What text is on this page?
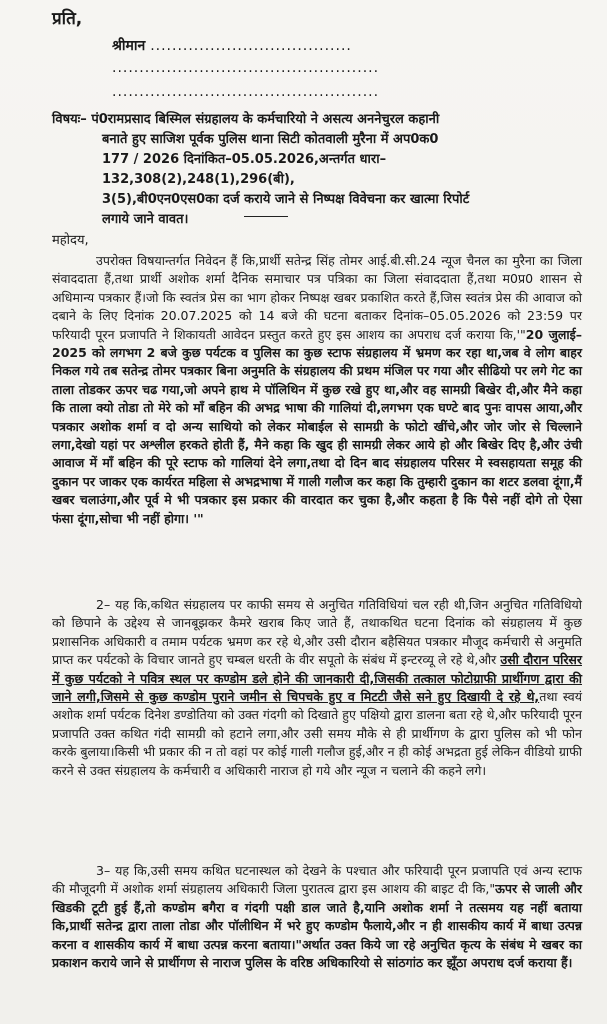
प्रति,
श्रीमान .....................................
.................................................
.................................................
विषयः– पं0रामप्रसाद बिस्मिल संग्रहालय के कर्मचारियो ने असत्य अननेचुरल कहानी
बनाते हुए साजिश पूर्वक पुलिस थाना सिटी कोतवाली मुरैना में अप0क0
177 / 2026 दिनांकित–05.05.2026,अन्तर्गत धारा–132,308(2),248(1),296(बी),
3(5),बी0एन0एस0का दर्ज कराये जाने से निष्पक्ष विवेचना कर खात्मा रिपोर्ट
लगाये जाने वावत।
महोदय,
उपरोक्त विषयान्तर्गत निवेदन हैं कि,प्रार्थी सतेन्द्र सिंह तोमर आई.बी.सी.24 न्यूज चैनल का मुरैना का जिला संवाददाता हैं,तथा प्रार्थी अशोक शर्मा दैनिक समाचार पत्र पत्रिका का जिला संवाददाता हैं,तथा म0प्र0 शासन से अधिमान्य पत्रकार हैं।जो कि स्वतंत्र प्रेस का भाग होकर निष्पक्ष खबर प्रकाशित करते हैं,जिस स्वतंत्र प्रेस की आवाज को दबाने के लिए दिनांक 20.07.2025 को 14 बजे की घटना बताकर दिनांक–05.05.2026 को 23:59 पर फरियादी पूरन प्रजापति ने शिकायती आवेदन प्रस्तुत करते हुए इस आशय का अपराध दर्ज कराया कि,'"20 जुलाई–2025 को लगभग 2 बजे कुछ पर्यटक व पुलिस का कुछ स्टाफ संग्रहालय में भ्रमण कर रहा था,जब वे लोग बाहर निकल गये तब सतेन्द्र तोमर पत्रकार बिना अनुमति के संग्रहालय की प्रथम मंजिल पर गया और सीढियो पर लगे गेट का ताला तोडकर ऊपर चढ गया,जो अपने हाथ मे पॉलिथिन में कुछ रखे हुए था,और वह सामग्री बिखेर दी,और मैने कहा कि ताला क्यो तोडा तो मेरे को माँ बहिन की अभद्र भाषा की गालियां दी,लगभग एक घण्टे बाद पुनः वापस आया,और पत्रकार अशोक शर्मा व दो अन्य साथियो को लेकर मोबाईल से सामग्री के फोटो खींचे,और जोर जोर से चिल्लाने लगा,देखो यहां पर अश्लील हरकते होती हैं, मैने कहा कि खुद ही सामग्री लेकर आये हो और बिखेर दिए है,और उंची आवाज में माँ बहिन की पूरे स्टाफ को गालियां देने लगा,तथा दो दिन बाद संग्रहालय परिसर मे स्वसहायता समूह की दुकान पर जाकर एक कार्यरत महिला से अभद्रभाषा में गाली गलौज कर कहा कि तुम्हारी दुकान का शटर डलवा दूंगा,मैं खबर चलाउंगा,और पूर्व मे भी पत्रकार इस प्रकार की वारदात कर चुका है,और कहता है कि पैसे नहीं दोगे तो ऐसा फंसा दूंगा,सोचा भी नहीं होगा। '"
2– यह कि,कथित संग्रहालय पर काफी समय से अनुचित गतिविधियां चल रही थी,जिन अनुचित गतिविधियो को छिपाने के उद्देश्य से जानबूझकर कैमरे खराब किए जाते हैं, तथाकथित घटना दिनांक को संग्रहालय में कुछ प्रशासनिक अधिकारी व तमाम पर्यटक भ्रमण कर रहे थे,और उसी दौरान बहैसियत पत्रकार मौजूद कर्मचारी से अनुमति प्राप्त कर पर्यटको के विचार जानते हुए चम्बल धरती के वीर सपूतो के संबंध में इन्टरव्यू ले रहे थे,और उसी दौरान परिसर में कुछ पर्यटको ने पवित्र स्थल पर कण्डोम डले होने की जानकारी दी,जिसकी तत्काल फोटोग्राफी प्रार्थीगण द्वारा की जाने लगी,जिसमे से कुछ कण्डोम पुराने जमीन से चिपचके हुए व मिटटी जैसे सने हुए दिखायी दे रहे थे,तथा स्वयं अशोक शर्मा पर्यटक दिनेश डण्डोतिया को उक्त गंदगी को दिखाते हुए पक्षियो द्वारा डालना बता रहे थे,और फरियादी पूरन प्रजापति उक्त कथित गंदी सामग्री को हटाने लगा,और उसी समय मौके से ही प्रार्थीगण के द्वारा पुलिस को भी फोन करके बुलाया।किसी भी प्रकार की न तो वहां पर कोई गाली गलौज हुई,और न ही कोई अभद्रता हुई लेकिन वीडियो ग्राफी करने से उक्त संग्रहालय के कर्मचारी व अधिकारी नाराज हो गये और न्यूज न चलाने की कहने लगे।
3– यह कि,उसी समय कथित घटनास्थल को देखने के पश्चात और फरियादी पूरन प्रजापति एवं अन्य स्टाफ की मौजूदगी में अशोक शर्मा संग्रहालय अधिकारी जिला पुरातत्व द्वारा इस आशय की बाइट दी कि,"ऊपर से जाली और खिडकी टूटी हुई हैं,तो कण्डोम बगैरा व गंदगी पक्षी डाल जाते है,यानि अशोक शर्मा ने तत्समय यह नहीं बताया कि,प्रार्थी सतेन्द्र द्वारा ताला तोडा और पॉलीथिन में भरे हुए कण्डोम फैलाये,और न ही शासकीय कार्य में बाधा उत्पन्न करना व शासकीय कार्य में बाधा उत्पन्न करना बताया।"अर्थात उक्त किये जा रहे अनुचित कृत्य के संबंध मे खबर का प्रकाशन कराये जाने से प्रार्थीगण से नाराज पुलिस के वरिष्ठ अधिकारियो से सांठगांठ कर झूँठा अपराध दर्ज कराया हैं।
